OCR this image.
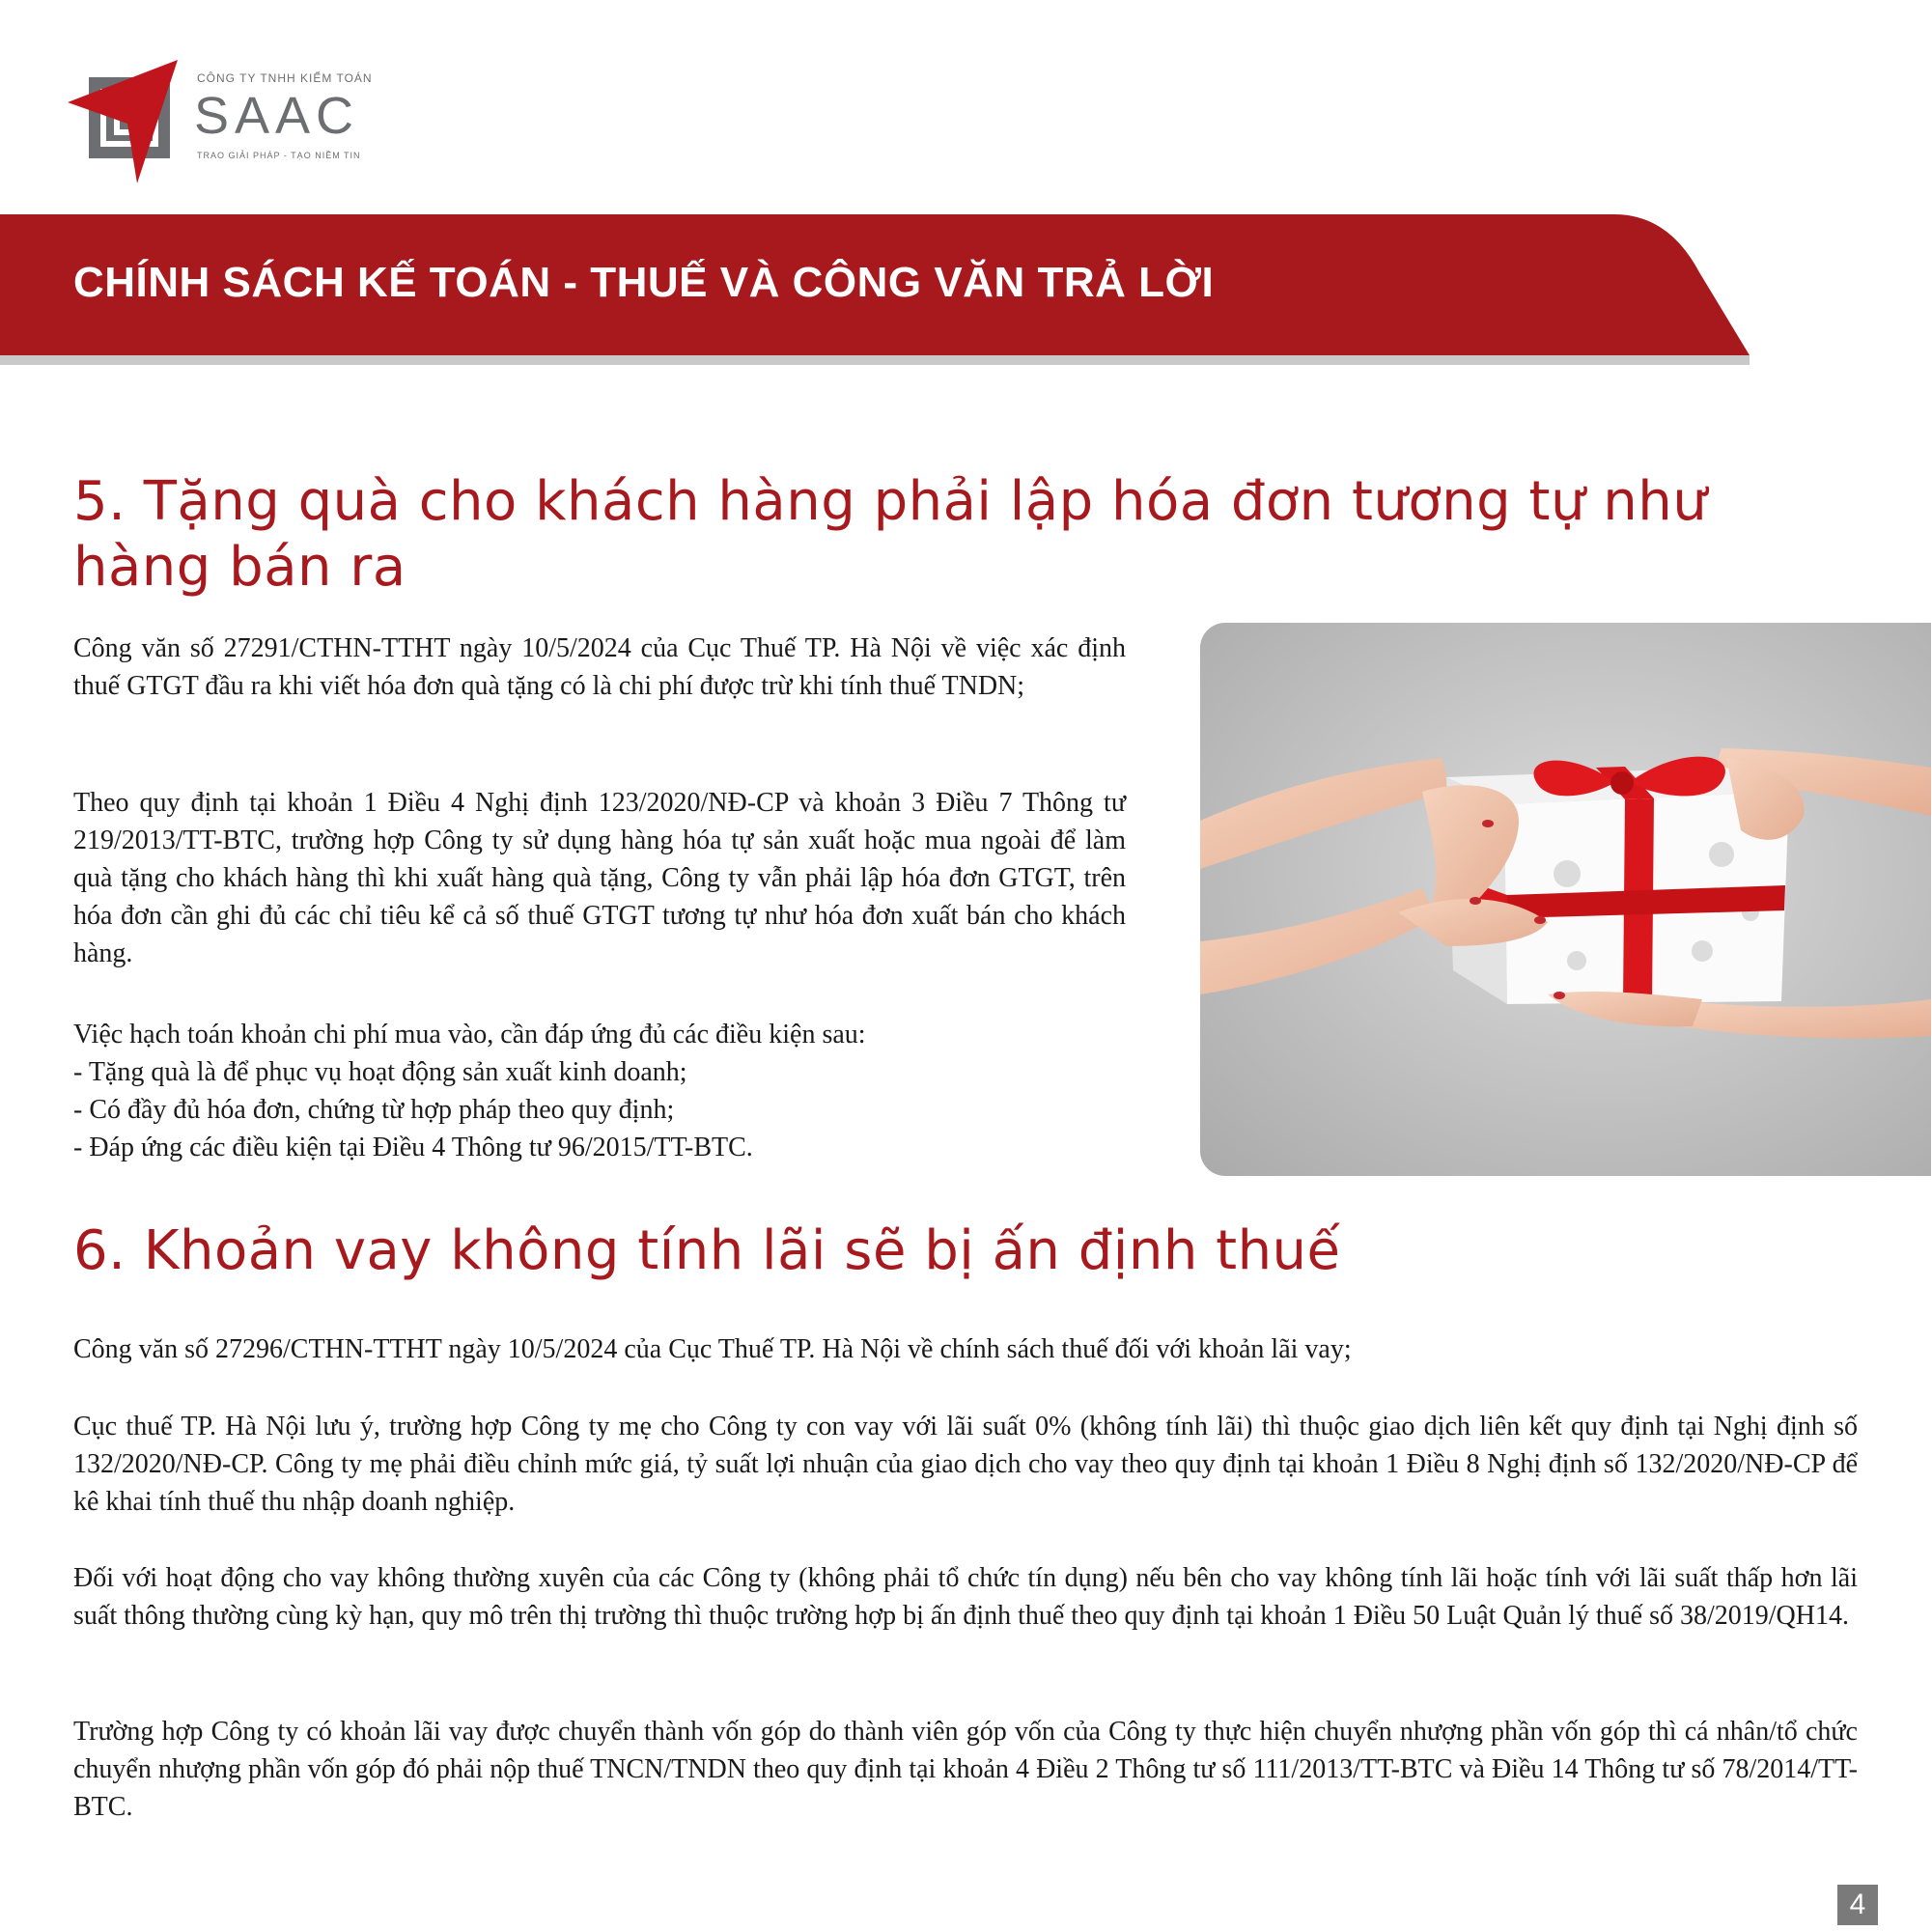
CÔNG TY TNHH KIỂM TOÁN
SAAC
TRAO GIẢI PHÁP - TẠO NIỀM TIN
CHÍNH SÁCH KẾ TOÁN - THUẾ VÀ CÔNG VĂN TRẢ LỜI
5. Tặng quà cho khách hàng phải lập hóa đơn tương tự như hàng bán ra

Công văn số 27291/CTHN-TTHT ngày 10/5/2024 của Cục Thuế TP. Hà Nội về việc xác định thuế GTGT đầu ra khi viết hóa đơn quà tặng có là chi phí được trừ khi tính thuế TNDN;

Theo quy định tại khoản 1 Điều 4 Nghị định 123/2020/NĐ-CP và khoản 3 Điều 7 Thông tư 219/2013/TT-BTC, trường hợp Công ty sử dụng hàng hóa tự sản xuất hoặc mua ngoài để làm quà tặng cho khách hàng thì khi xuất hàng quà tặng, Công ty vẫn phải lập hóa đơn GTGT, trên hóa đơn cần ghi đủ các chỉ tiêu kể cả số thuế GTGT tương tự như hóa đơn xuất bán cho khách hàng.

Việc hạch toán khoản chi phí mua vào, cần đáp ứng đủ các điều kiện sau:
- Tặng quà là để phục vụ hoạt động sản xuất kinh doanh;
- Có đầy đủ hóa đơn, chứng từ hợp pháp theo quy định;
- Đáp ứng các điều kiện tại Điều 4 Thông tư 96/2015/TT-BTC.
6. Khoản vay không tính lãi sẽ bị ấn định thuế

Công văn số 27296/CTHN-TTHT ngày 10/5/2024 của Cục Thuế TP. Hà Nội về chính sách thuế đối với khoản lãi vay;

Cục thuế TP. Hà Nội lưu ý, trường hợp Công ty mẹ cho Công ty con vay với lãi suất 0% (không tính lãi) thì thuộc giao dịch liên kết quy định tại Nghị định số 132/2020/NĐ-CP. Công ty mẹ phải điều chỉnh mức giá, tỷ suất lợi nhuận của giao dịch cho vay theo quy định tại khoản 1 Điều 8 Nghị định số 132/2020/NĐ-CP để kê khai tính thuế thu nhập doanh nghiệp.

Đối với hoạt động cho vay không thường xuyên của các Công ty (không phải tổ chức tín dụng) nếu bên cho vay không tính lãi hoặc tính với lãi suất thấp hơn lãi suất thông thường cùng kỳ hạn, quy mô trên thị trường thì thuộc trường hợp bị ấn định thuế theo quy định tại khoản 1 Điều 50 Luật Quản lý thuế số 38/2019/QH14.

Trường hợp Công ty có khoản lãi vay được chuyển thành vốn góp do thành viên góp vốn của Công ty thực hiện chuyển nhượng phần vốn góp thì cá nhân/tổ chức chuyển nhượng phần vốn góp đó phải nộp thuế TNCN/TNDN theo quy định tại khoản 4 Điều 2 Thông tư số 111/2013/TT-BTC và Điều 14 Thông tư số 78/2014/TT-BTC.

4
